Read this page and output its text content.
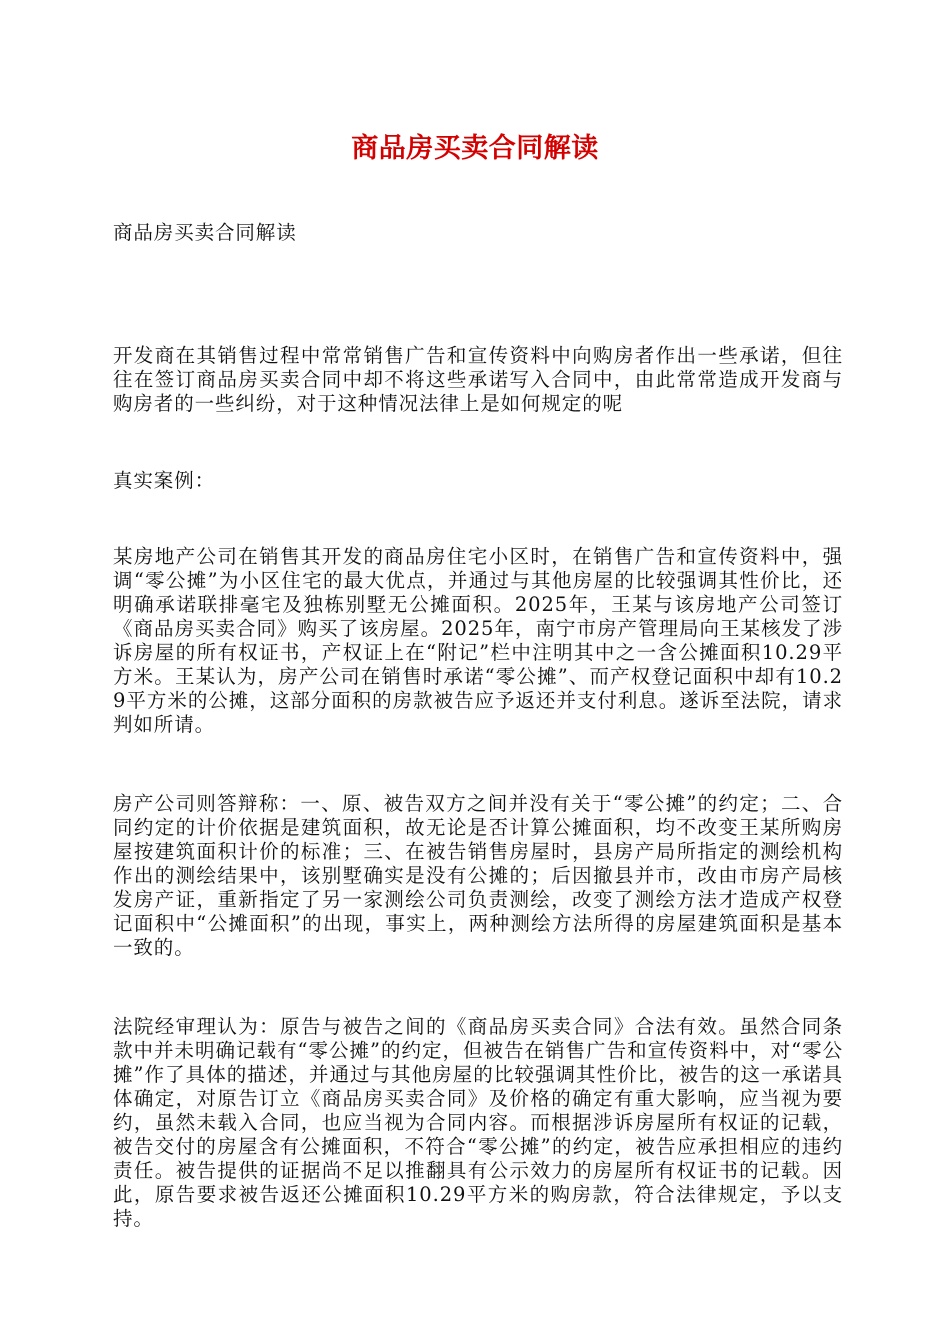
商品房买卖合同解读
商品房买卖合同解读
开发商在其销售过程中常常销售广告和宣传资料中向购房者作出一些承诺，但往往在签订商品房买卖合同中却不将这些承诺写入合同中，由此常常造成开发商与购房者的一些纠纷，对于这种情况法律上是如何规定的呢
真实案例：
某房地产公司在销售其开发的商品房住宅小区时，在销售广告和宣传资料中，强调“零公摊”为小区住宅的最大优点，并通过与其他房屋的比较强调其性价比，还明确承诺联排毫宅及独栋别墅无公摊面积。2025年，王某与该房地产公司签订《商品房买卖合同》购买了该房屋。2025年，南宁市房产管理局向王某核发了涉诉房屋的所有权证书，产权证上在“附记”栏中注明其中之一含公摊面积10.29平方米。王某认为，房产公司在销售时承诺“零公摊”、而产权登记面积中却有10.29平方米的公摊，这部分面积的房款被告应予返还并支付利息。遂诉至法院，请求判如所请。
房产公司则答辩称：一、原、被告双方之间并没有关于“零公摊”的约定；二、合同约定的计价依据是建筑面积，故无论是否计算公摊面积，均不改变王某所购房屋按建筑面积计价的标准；三、在被告销售房屋时，县房产局所指定的测绘机构作出的测绘结果中，该别墅确实是没有公摊的；后因撤县并市，改由市房产局核发房产证，重新指定了另一家测绘公司负责测绘，改变了测绘方法才造成产权登记面积中“公摊面积”的出现，事实上，两种测绘方法所得的房屋建筑面积是基本一致的。
法院经审理认为：原告与被告之间的《商品房买卖合同》合法有效。虽然合同条款中并未明确记载有“零公摊”的约定，但被告在销售广告和宣传资料中，对“零公摊”作了具体的描述，并通过与其他房屋的比较强调其性价比，被告的这一承诺具体确定，对原告订立《商品房买卖合同》及价格的确定有重大影响，应当视为要约，虽然未载入合同，也应当视为合同内容。而根据涉诉房屋所有权证的记载，被告交付的房屋含有公摊面积，不符合“零公摊”的约定，被告应承担相应的违约责任。被告提供的证据尚不足以推翻具有公示效力的房屋所有权证书的记载。因此，原告要求被告返还公摊面积10.29平方米的购房款，符合法律规定，予以支持。
